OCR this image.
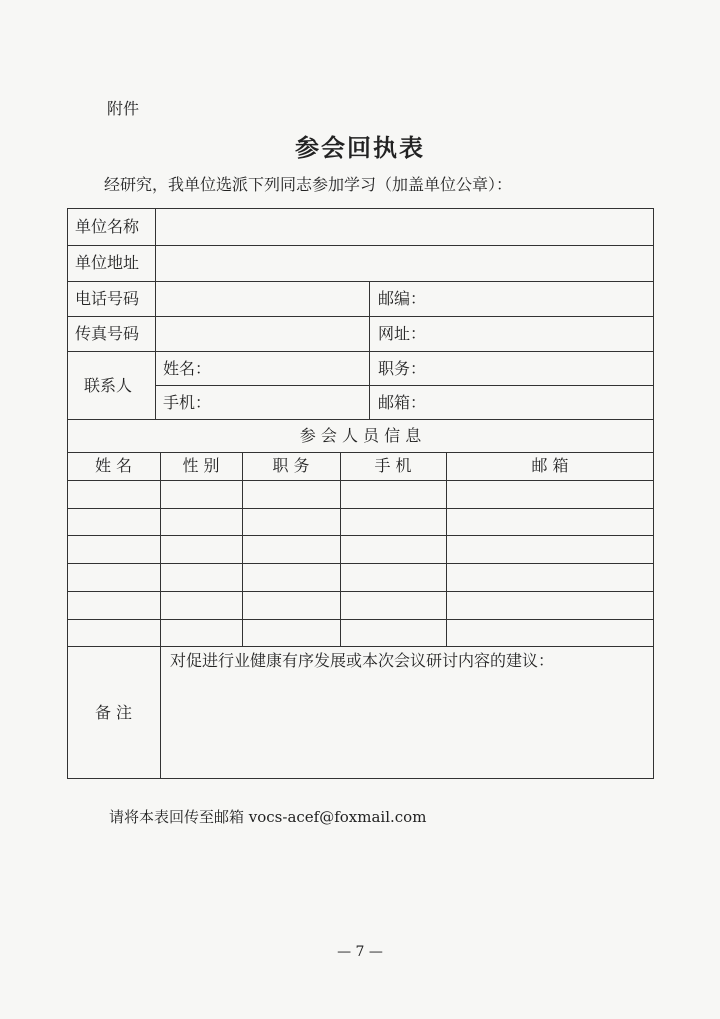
附件
参会回执表
经研究，我单位选派下列同志参加学习（加盖单位公章）：
单位名称
单位地址
电话号码	邮编：
传真号码	网址：
联系人
姓名：	职务：
手机：	邮箱：
参 会 人 员 信 息
姓 名	性 别	职 务	手 机	邮 箱
备 注
对促进行业健康有序发展或本次会议研讨内容的建议：
请将本表回传至邮箱 vocs-acef@foxmail.com
— 7 —
